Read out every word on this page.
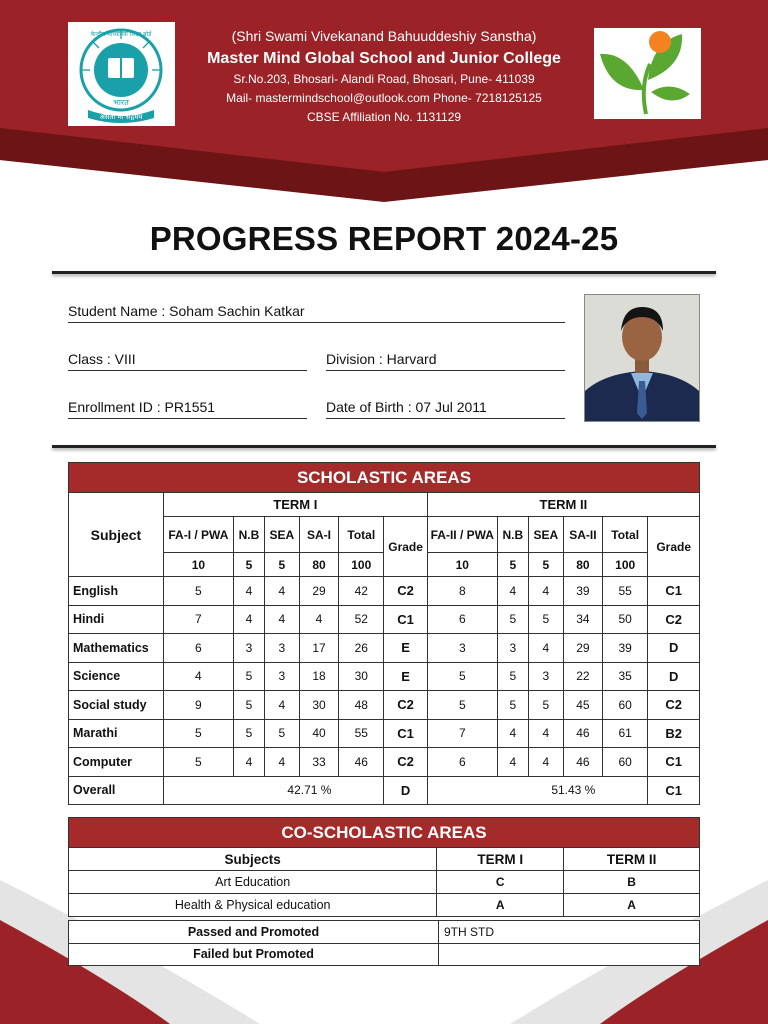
केन्द्रीय माध्यमिक शिक्षा बोर्ड
भारत
असतो मा सद्गमय
(Shri Swami Vivekanand Bahuuddeshiy Sanstha)
Master Mind Global School and Junior College
Sr.No.203, Bhosari- Alandi Road, Bhosari, Pune- 411039
Mail- mastermindschool@outlook.com Phone- 7218125125
CBSE Affiliation No. 1131129
PROGRESS REPORT 2024-25
Student Name : Soham Sachin Katkar
Class : VIII	Division : Harvard
Enrollment ID : PR1551	Date of Birth : 07 Jul 2011
SCHOLASTIC AREAS												
Subject	TERM I						TERM II					
	FA-I / PWA	N.B	SEA	SA-I	Total	Grade	FA-II / PWA	N.B	SEA	SA-II	Total	Grade
	10	5	5	80	100		10	5	5	80	100	
English	5	4	4	29	42	C2	8	4	4	39	55	C1
Hindi	7	4	4	4	52	C1	6	5	5	34	50	C2
Mathematics	6	3	3	17	26	E	3	3	4	29	39	D
Science	4	5	3	18	30	E	5	5	3	22	35	D
Social study	9	5	4	30	48	C2	5	5	5	45	60	C2
Marathi	5	5	5	40	55	C1	7	4	4	46	61	B2
Computer	5	4	4	33	46	C2	6	4	4	46	60	C1
Overall	42.71 %					D	51.43 %					C1
CO-SCHOLASTIC AREAS		
Subjects	TERM I	TERM II
Art Education	C	B
Health & Physical education	A	A
Passed and Promoted	9TH STD
Failed but Promoted	
